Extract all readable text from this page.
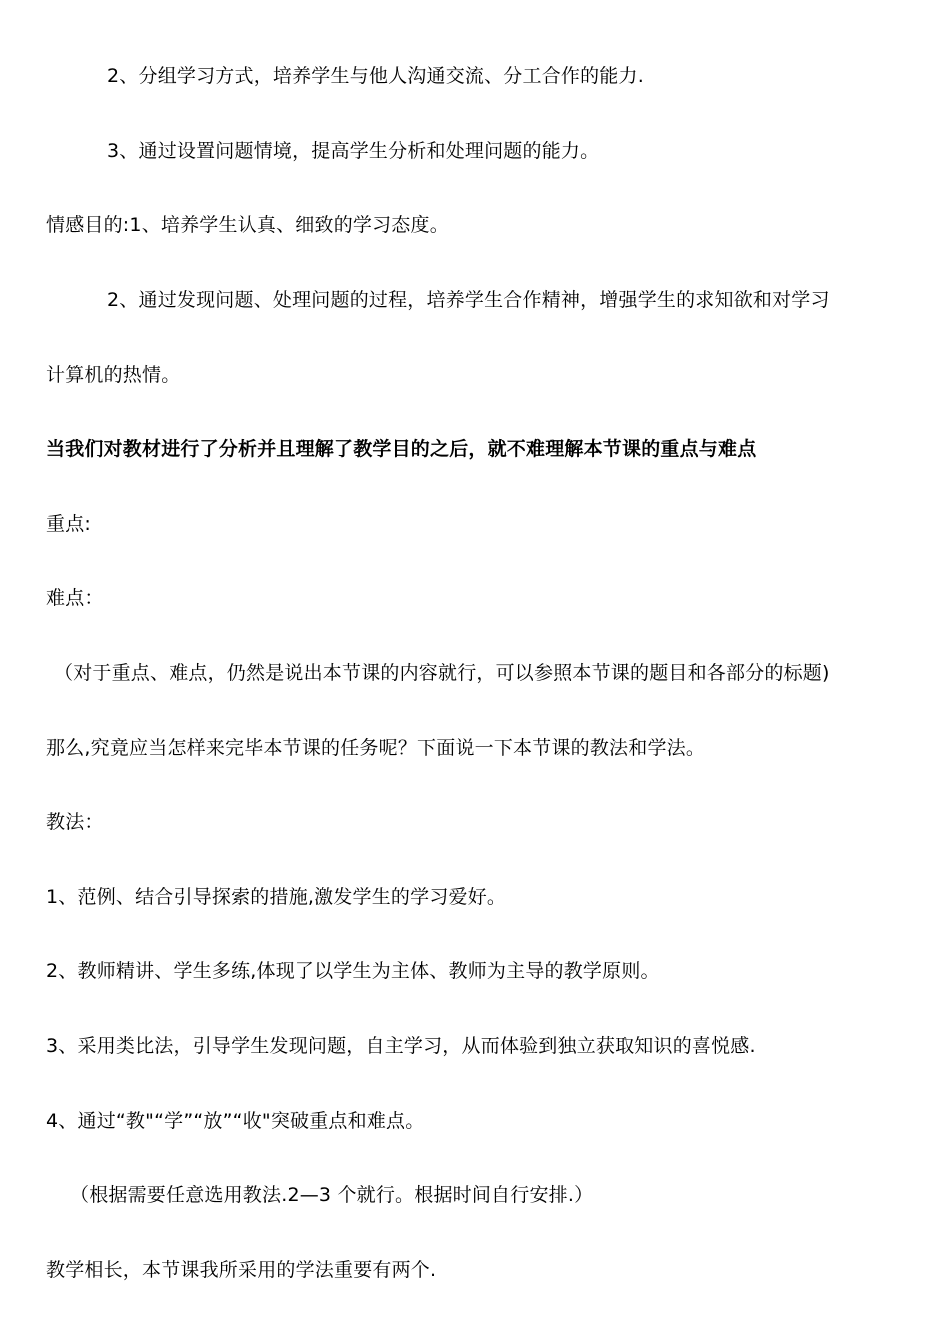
2、分组学习方式，培养学生与他人沟通交流、分工合作的能力.
3、通过设置问题情境，提高学生分析和处理问题的能力。
情感目的:1、培养学生认真、细致的学习态度。
2、通过发现问题、处理问题的过程，培养学生合作精神，增强学生的求知欲和对学习
计算机的热情。
当我们对教材进行了分析并且理解了教学目的之后，就不难理解本节课的重点与难点
重点:
难点：
（对于重点、难点，仍然是说出本节课的内容就行，可以参照本节课的题目和各部分的标题)
那么,究竟应当怎样来完毕本节课的任务呢？下面说一下本节课的教法和学法。
教法：
1、范例、结合引导探索的措施,激发学生的学习爱好。
2、教师精讲、学生多练,体现了以学生为主体、教师为主导的教学原则。
3、采用类比法，引导学生发现问题，自主学习，从而体验到独立获取知识的喜悦感.
4、通过“教"“学”“放”“收"突破重点和难点。
（根据需要任意选用教法.2—3 个就行。根据时间自行安排.）
教学相长，本节课我所采用的学法重要有两个.
